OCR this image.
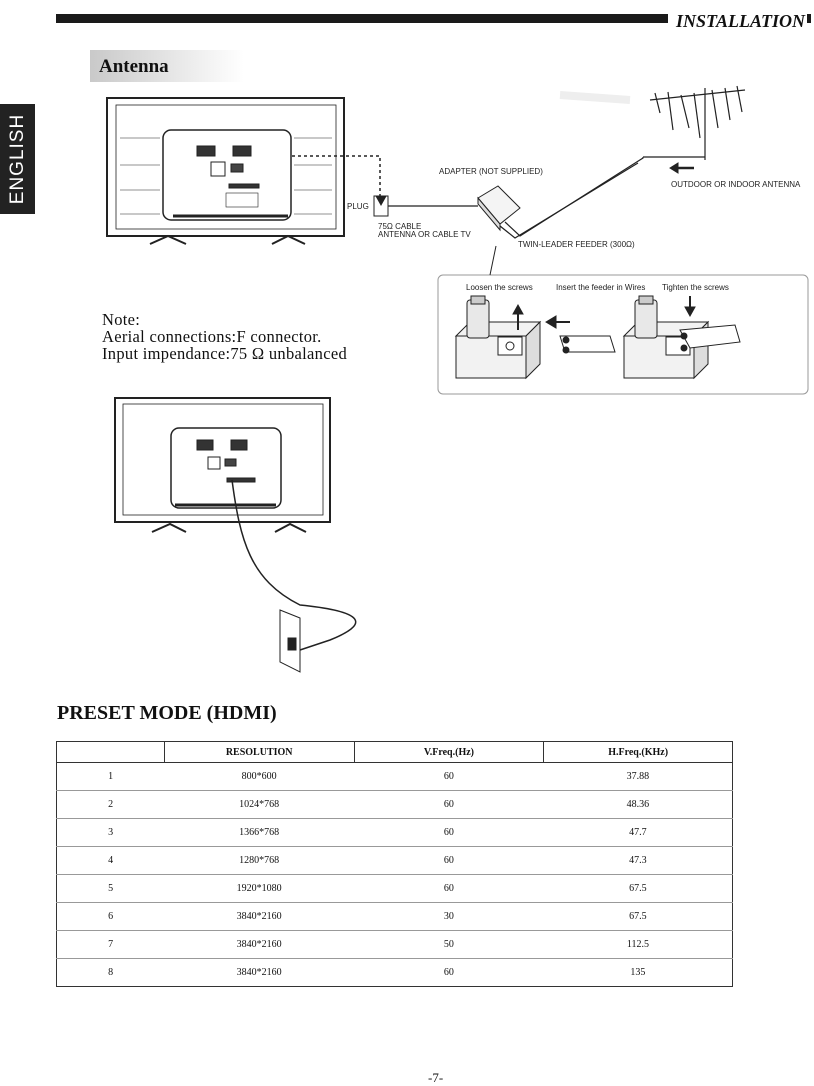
INSTALLATION
ENGLISH
Antenna
ADAPTER (NOT SUPPLIED)
OUTDOOR OR INDOOR ANTENNA
PLUG
75Ω CABLE
ANTENNA OR CABLE TV
TWIN-LEADER FEEDER (300Ω)
Loosen the screws	Insert the feeder in Wires Tighten the screws
Note:
Aerial connections:F connector.
Input impendance:75 Ω unbalanced
PRESET MODE (HDMI)
	RESOLUTION	V.Freq.(Hz)	H.Freq.(KHz)
1	800*600	60	37.88
2	1024*768	60	48.36
3	1366*768	60	47.7
4	1280*768	60	47.3
5	1920*1080	60	67.5
6	3840*2160	30	67.5
7	3840*2160	50	112.5
8	3840*2160	60	135
-7-
